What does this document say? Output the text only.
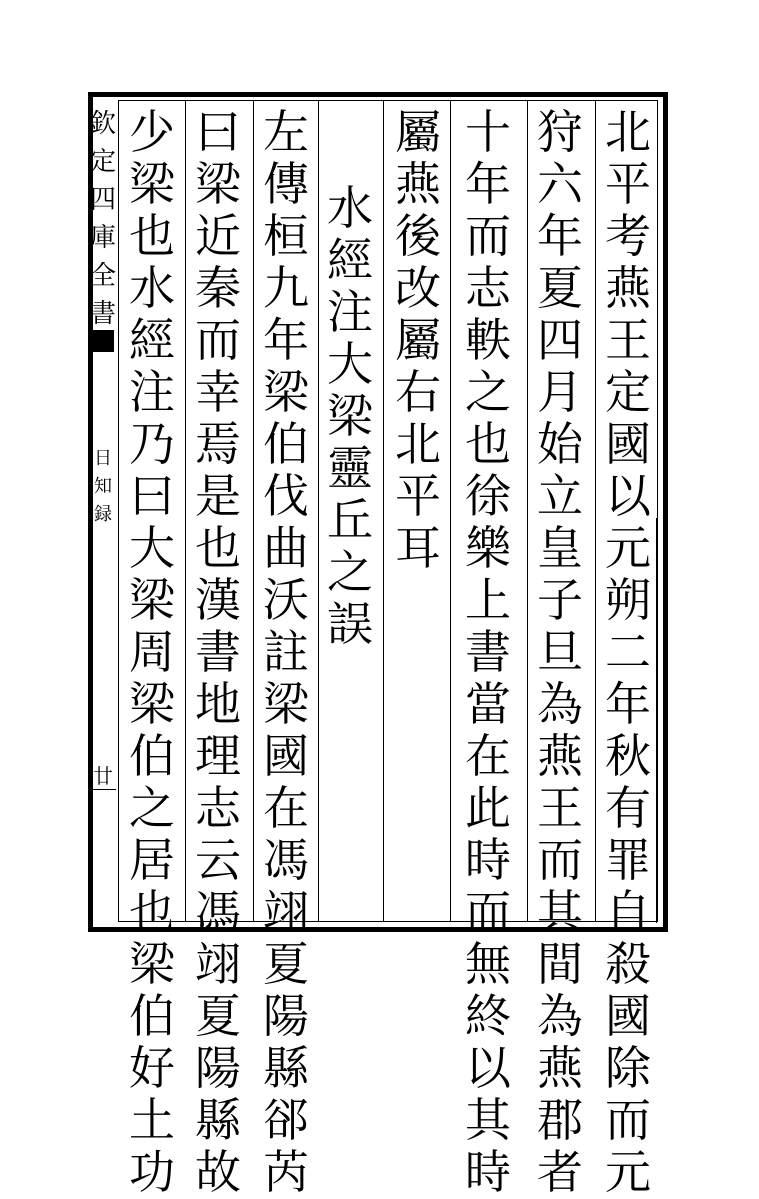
欽
定
四
庫
全
書
日
知
録
廿
北
平
考
燕
王
定
國
以
元
朔
二
年
秋
有
罪
自
殺
國
除
而
元
狩
六
年
夏
四
月
始
立
皇
子
旦
為
燕
王
而
其
間
為
燕
郡
者
十
年
而
志
軼
之
也
徐
樂
上
書
當
在
此
時
而
無
終
以
其
時
屬
燕
後
改
屬
右
北
平
耳
水
經
注
大
梁
靈
丘
之
誤
左
傳
桓
九
年
梁
伯
伐
曲
沃
註
梁
國
在
馮
翊
夏
陽
縣
郤
芮
曰
梁
近
秦
而
幸
焉
是
也
漢
書
地
理
志
云
馮
翊
夏
陽
縣
故
少
梁
也
水
經
注
乃
曰
大
梁
周
梁
伯
之
居
也
梁
伯
好
土
功
